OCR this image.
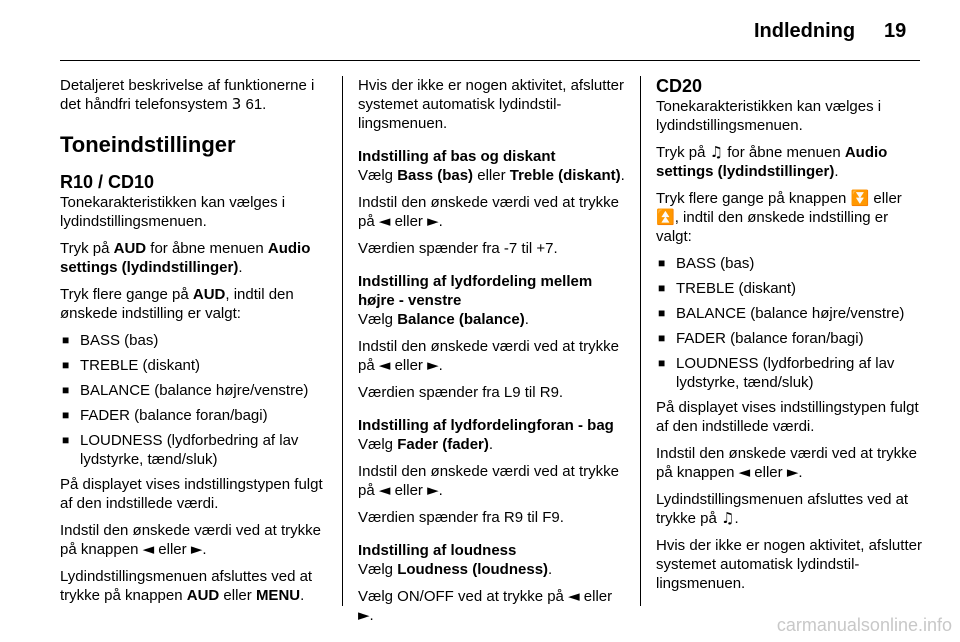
Indledning 19

Detaljeret beskrivelse af funktionerne i det håndfri telefonsystem 3 61.

Toneindstillinger
R10 / CD10

Tonekarakteristikken kan vælges i lydindstillingsmenuen.

Tryk på AUD for åbne menuen Audio settings (lydindstillinger).

Tryk flere gange på AUD, indtil den ønskede indstilling er valgt:

■ BASS (bas)
■ TREBLE (diskant)
■ BALANCE (balance højre/venstre)
■ FADER (balance foran/bagi)
■ LOUDNESS (lydforbedring af lav lydstyrke, tænd/sluk)

På displayet vises indstillingstypen fulgt af den indstillede værdi.

Indstil den ønskede værdi ved at trykke på knappen ◄ eller ►.

Lydindstillingsmenuen afsluttes ved at trykke på knappen AUD eller MENU.

Hvis der ikke er nogen aktivitet, afslutter systemet automatisk lydindstillingsmenuen.

Indstilling af bas og diskant

Vælg Bass (bas) eller Treble (diskant).

Indstil den ønskede værdi ved at trykke på ◄ eller ►.

Værdien spænder fra -7 til +7.

Indstilling af lydfordeling mellem højre - venstre

Vælg Balance (balance).

Indstil den ønskede værdi ved at trykke på ◄ eller ►.

Værdien spænder fra L9 til R9.

Indstilling af lydfordelingforan - bag

Vælg Fader (fader).

Indstil den ønskede værdi ved at trykke på ◄ eller ►.

Værdien spænder fra R9 til F9.

Indstilling af loudness

Vælg Loudness (loudness).

Vælg ON/OFF ved at trykke på ◄ eller ►.

CD20

Tonekarakteristikken kan vælges i lydindstillingsmenuen.

Tryk på ♫ for åbne menuen Audio settings (lydindstillinger).

Tryk flere gange på knappen ⏬ eller ⏫, indtil den ønskede indstilling er valgt:

■ BASS (bas)
■ TREBLE (diskant)
■ BALANCE (balance højre/venstre)
■ FADER (balance foran/bagi)
■ LOUDNESS (lydforbedring af lav lydstyrke, tænd/sluk)

På displayet vises indstillingstypen fulgt af den indstillede værdi.

Indstil den ønskede værdi ved at trykke på knappen ◄ eller ►.

Lydindstillingsmenuen afsluttes ved at trykke på ♫.

Hvis der ikke er nogen aktivitet, afslutter systemet automatisk lydindstillingsmenuen.

carmanualsonline.info
